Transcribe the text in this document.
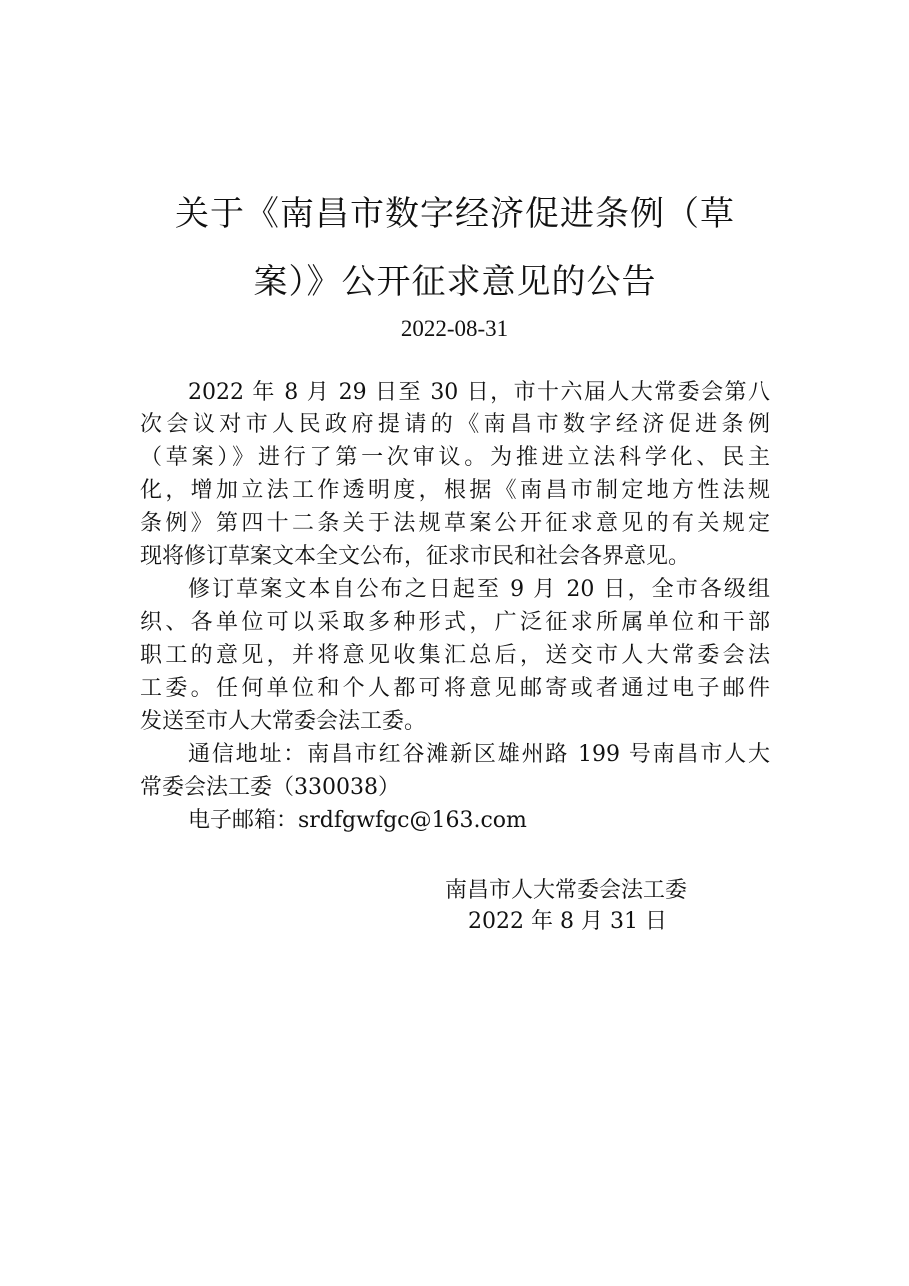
关于《南昌市数字经济促进条例（草
案）》公开征求意见的公告
2022-08-31
2022 年 8 月 29 日至 30 日，市十六届人大常委会第八
次会议对市人民政府提请的《南昌市数字经济促进条例
（草案）》进行了第一次审议。为推进立法科学化、民主
化，增加立法工作透明度，根据《南昌市制定地方性法规
条例》第四十二条关于法规草案公开征求意见的有关规定
现将修订草案文本全文公布，征求市民和社会各界意见。
修订草案文本自公布之日起至 9 月 20 日，全市各级组
织、各单位可以采取多种形式，广泛征求所属单位和干部
职工的意见，并将意见收集汇总后，送交市人大常委会法
工委。任何单位和个人都可将意见邮寄或者通过电子邮件
发送至市人大常委会法工委。
通信地址：南昌市红谷滩新区雄州路 199 号南昌市人大
常委会法工委（330038）
电子邮箱：srdfgwfgc@163.com
南昌市人大常委会法工委
2022 年 8 月 31 日
